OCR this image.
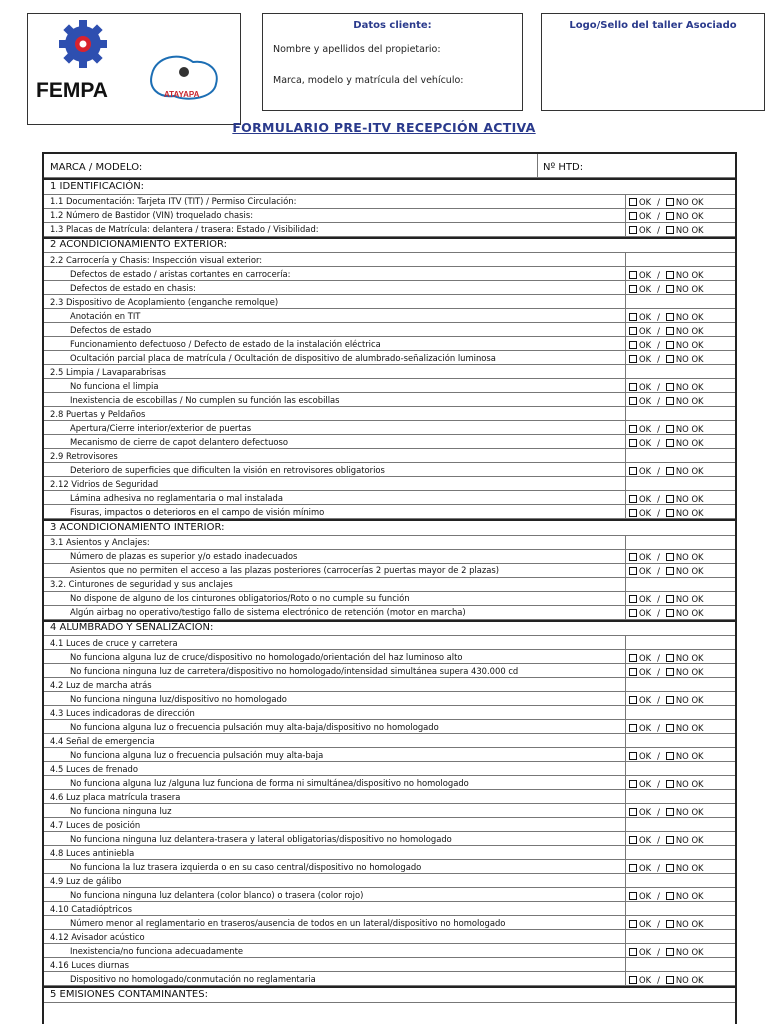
FEMPA	ATAYAPA
Datos cliente:
Nombre y apellidos del propietario:
Marca, modelo y matrícula del vehículo:
Logo/Sello del taller Asociado
FORMULARIO PRE-ITV RECEPCIÓN ACTIVA
MARCA / MODELO:	Nº HTD:
1 IDENTIFICACIÓN:
1.1 Documentación: Tarjeta ITV (TIT) / Permiso Circulación:	OK / NO OK
1.2 Número de Bastidor (VIN) troquelado chasis:	OK / NO OK
1.3 Placas de Matrícula: delantera / trasera: Estado / Visibilidad:	OK / NO OK
2 ACONDICIONAMIENTO EXTERIOR:
2.2 Carrocería y Chasis: Inspección visual exterior:
Defectos de estado / aristas cortantes en carrocería:	OK / NO OK
Defectos de estado en chasis:	OK / NO OK
2.3 Dispositivo de Acoplamiento (enganche remolque)
Anotación en TIT	OK / NO OK
Defectos de estado	OK / NO OK
Funcionamiento defectuoso / Defecto de estado de la instalación eléctrica	OK / NO OK
Ocultación parcial placa de matrícula / Ocultación de dispositivo de alumbrado-señalización luminosa	OK / NO OK
2.5 Limpia / Lavaparabrisas
No funciona el limpia	OK / NO OK
Inexistencia de escobillas / No cumplen su función las escobillas	OK / NO OK
2.8 Puertas y Peldaños
Apertura/Cierre interior/exterior de puertas	OK / NO OK
Mecanismo de cierre de capot delantero defectuoso	OK / NO OK
2.9 Retrovisores
Deterioro de superficies que dificulten la visión en retrovisores obligatorios	OK / NO OK
2.12 Vidrios de Seguridad
Lámina adhesiva no reglamentaria o mal instalada	OK / NO OK
Fisuras, impactos o deterioros en el campo de visión mínimo	OK / NO OK
3 ACONDICIONAMIENTO INTERIOR:
3.1 Asientos y Anclajes:
Número de plazas es superior y/o estado inadecuados	OK / NO OK
Asientos que no permiten el acceso a las plazas posteriores (carrocerías 2 puertas mayor de 2 plazas)	OK / NO OK
3.2. Cinturones de seguridad y sus anclajes
No dispone de alguno de los cinturones obligatorios/Roto o no cumple su función	OK / NO OK
Algún airbag no operativo/testigo fallo de sistema electrónico de retención (motor en marcha)	OK / NO OK
4 ALUMBRADO Y SEÑALIZACIÓN:
4.1 Luces de cruce y carretera
No funciona alguna luz de cruce/dispositivo no homologado/orientación del haz luminoso alto	OK / NO OK
No funciona ninguna luz de carretera/dispositivo no homologado/intensidad simultánea supera 430.000 cd	OK / NO OK
4.2 Luz de marcha atrás
No funciona ninguna luz/dispositivo no homologado	OK / NO OK
4.3 Luces indicadoras de dirección
No funciona alguna luz o frecuencia pulsación muy alta-baja/dispositivo no homologado	OK / NO OK
4.4 Señal de emergencia
No funciona alguna luz o frecuencia pulsación muy alta-baja	OK / NO OK
4.5 Luces de frenado
No funciona alguna luz /alguna luz funciona de forma ni simultánea/dispositivo no homologado	OK / NO OK
4.6 Luz placa matrícula trasera
No funciona ninguna luz	OK / NO OK
4.7 Luces de posición
No funciona ninguna luz delantera-trasera y lateral obligatorias/dispositivo no homologado	OK / NO OK
4.8 Luces antiniebla
No funciona la luz trasera izquierda o en su caso central/dispositivo no homologado	OK / NO OK
4.9 Luz de gálibo
No funciona ninguna luz delantera (color blanco) o trasera (color rojo)	OK / NO OK
4.10 Catadióptricos
Número menor al reglamentario en traseros/ausencia de todos en un lateral/dispositivo no homologado	OK / NO OK
4.12 Avisador acústico
Inexistencia/no funciona adecuadamente	OK / NO OK
4.16 Luces diurnas
Dispositivo no homologado/conmutación no reglamentaria	OK / NO OK
5 EMISIONES CONTAMINANTES:
